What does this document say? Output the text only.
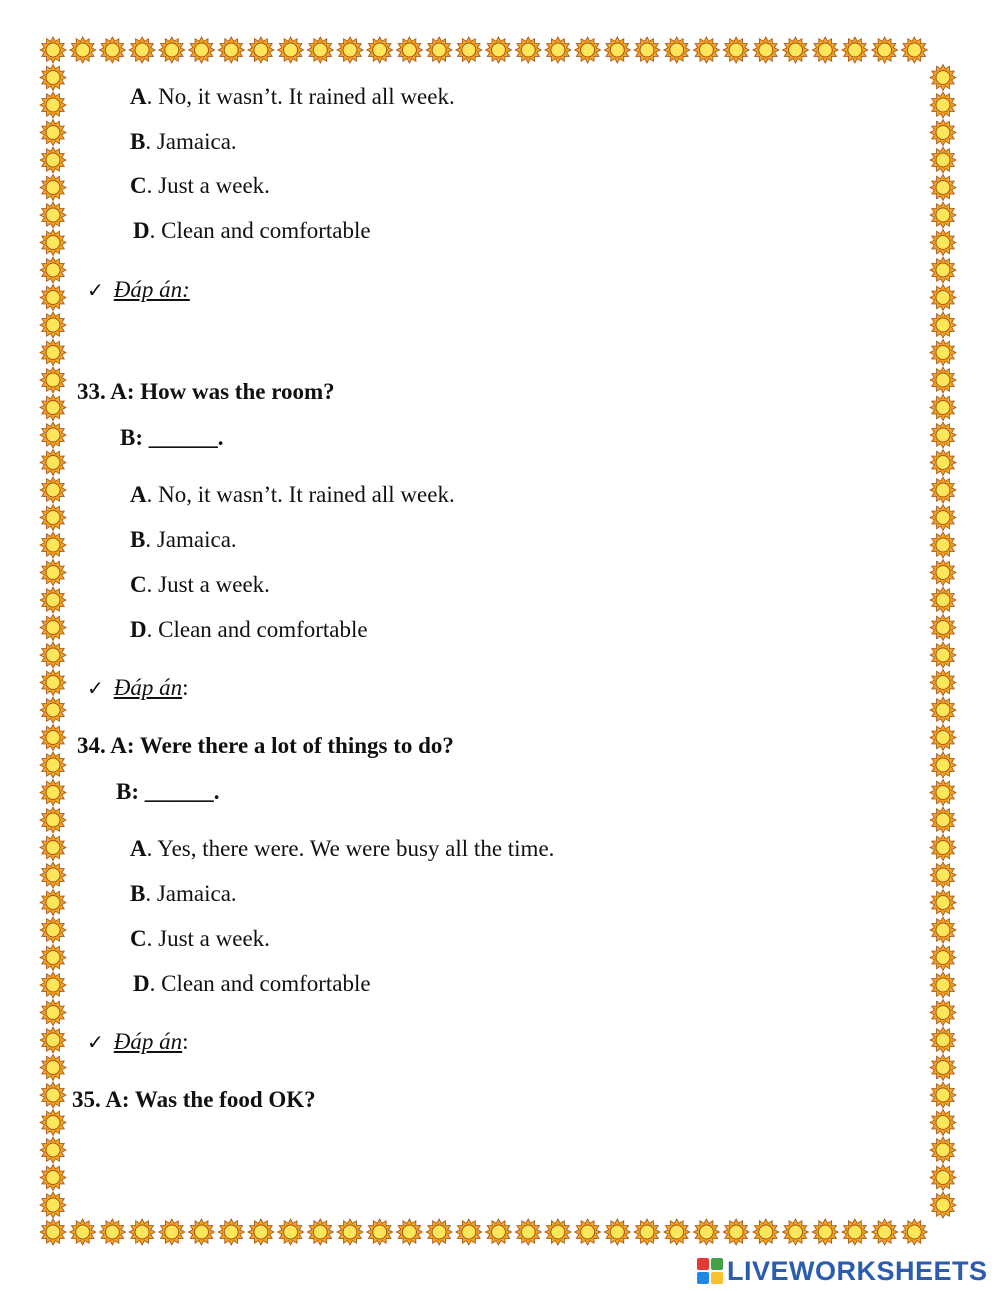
A. No, it wasn’t. It rained all week.
B. Jamaica.
C. Just a week.
D. Clean and comfortable
✓ Đáp án:
33. A: How was the room?
B: ______.
A. No, it wasn’t. It rained all week.
B. Jamaica.
C. Just a week.
D. Clean and comfortable
✓ Đáp án:
34. A: Were there a lot of things to do?
B: ______.
A. Yes, there were. We were busy all the time.
B. Jamaica.
C. Just a week.
D. Clean and comfortable
✓ Đáp án:
35. A: Was the food OK?
LIVEWORKSHEETS
